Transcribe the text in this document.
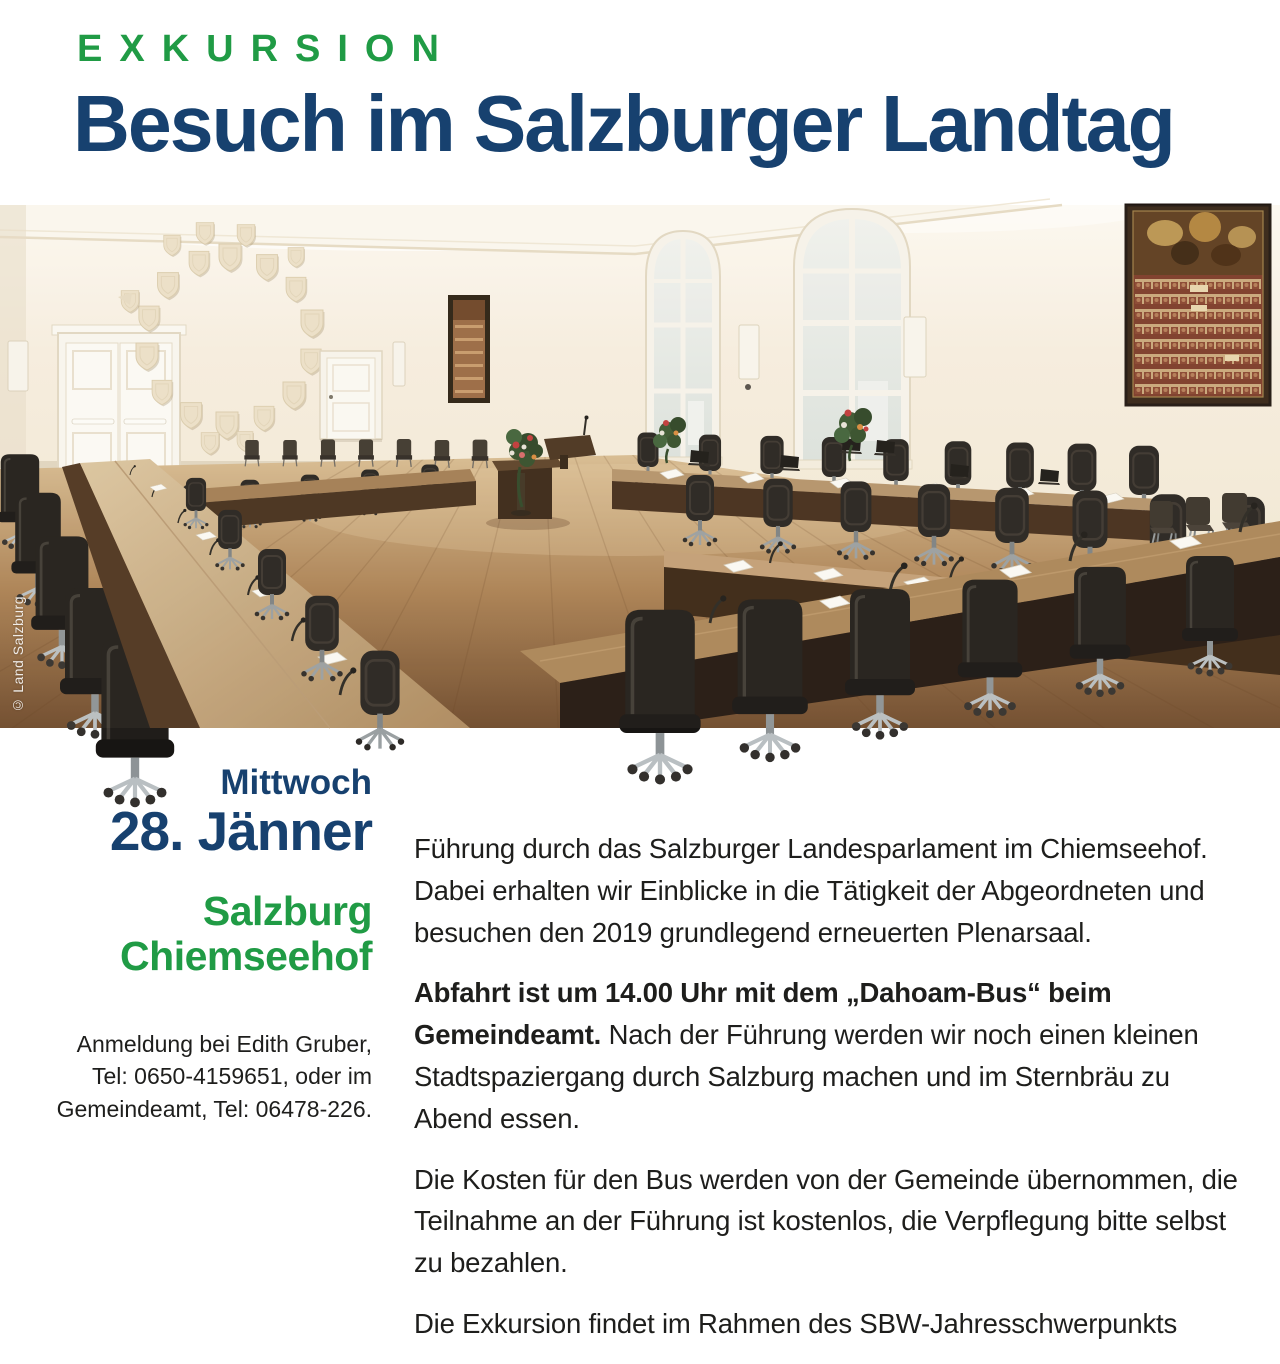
EXKURSION
Besuch im Salzburger Landtag
© Land Salzburg
Mittwoch
28. Jänner
Salzburg
Chiemseehof
Anmeldung bei Edith Gruber,
Tel: 0650-4159651, oder im
Gemeindeamt, Tel: 06478-226.

Führung durch das Salzburger Landesparlament im Chiemseehof. Dabei erhalten wir Einblicke in die Tätigkeit der Abgeordneten und besuchen den 2019 grundlegend erneuerten Plenarsaal.

Abfahrt ist um 14.00 Uhr mit dem „Dahoam-Bus“ beim Gemeindeamt. Nach der Führung werden wir noch einen kleinen Stadtspaziergang durch Salzburg machen und im Sternbräu zu Abend essen.

Die Kosten für den Bus werden von der Gemeinde übernommen, die Teilnahme an der Führung ist kostenlos, die Verpflegung bitte selbst zu bezahlen.

Die Exkursion findet im Rahmen des SBW-Jahresschwerpunkts
